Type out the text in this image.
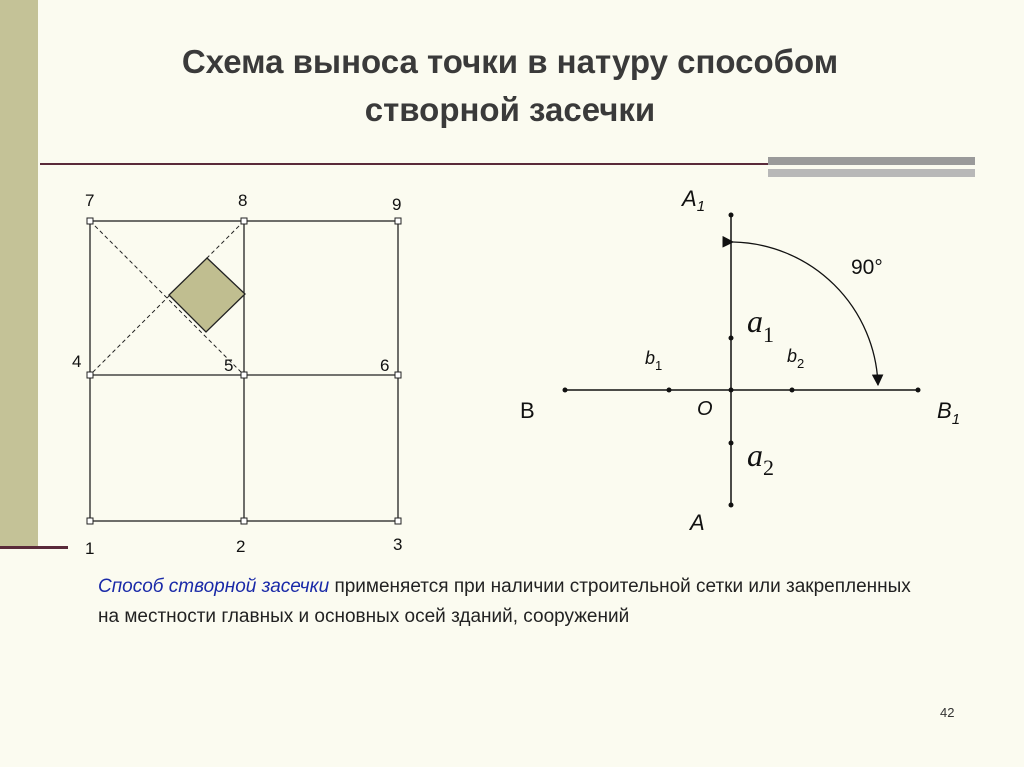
Схема выноса точки в натуру способом
створной засечки
7	8	9
4	5	6
1	2	3
$A_1$
A
B	$B_1$
O
$a_1$
$a_2$
$b_1$	$b_2$
90°
Способ створной засечки применяется при наличии строительной сетки или закрепленных на местности главных и основных осей зданий, сооружений
42
